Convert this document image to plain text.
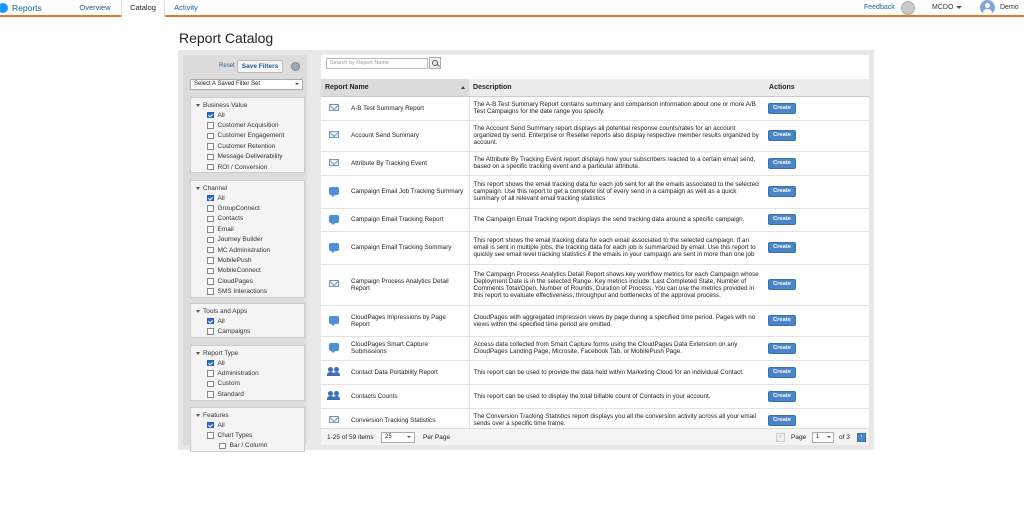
Reports	Overview	Catalog	Activity	Feedback	MCDO	Demo
Report Catalog
Reset	Save Filters
Select A Saved Filter Set
Business Value
All
Customer Acquisition
Customer Engagement
Customer Retention
Message Deliverability
ROI / Conversion
Channel
All
GroupConnect
Contacts
Email
Journey Builder
MC Administration
MobilePush
MobileConnect
CloudPages
SMS Interactions
Tools and Apps
All
Campaigns
Report Type
All
Administration
Custom
Standard
Features
All
Chart Types
Bar / Column
Search by Report Name
Report Name		Description	Actions
	A-B Test Summary Report	The A-B Test Summary Report contains summary and comparison information about one or more A/B Test Campaigns for the date range you specify.	Create
	Account Send Summary	The Account Send Summary report displays all potential response counts/rates for an account organized by send. Enterprise or Reseller reports also display respective member results organized by account.	Create
	Attribute By Tracking Event	The Attribute By Tracking Event report displays how your subscribers reacted to a certain email send, based on a specific tracking event and a particular attribute.	Create
	Campaign Email Job Tracking Summary	This report shows the email tracking data for each job sent for all the emails associated to the selected campaign. Use this report to get a complete list of every send in a campaign as well as a quick summary of all relevant email tracking statistics	Create
	Campaign Email Tracking Report	The Campaign Email Tracking report displays the send tracking data around a specific campaign.	Create
	Campaign Email Tracking Summary	This report shows the email tracking data for each email associated to the selected campaign. If an email is sent in multiple jobs, the tracking data for each job is summarized by email. Use this report to quickly see email level tracking statistics if the emails in your campaign are sent in more than one job	Create
	Campaign Process Analytics Detail Report	The Campaign Process Analytics Detail Report shows key workflow metrics for each Campaign whose Deployment Date is in the selected Range. Key metrics include: Last Completed State, Number of Comments Total/Open, Number of Rounds, Duration of Process. You can use the metrics provided in this report to evaluate effectiveness, throughput and bottlenecks of the approval process.	Create
	CloudPages Impressions by Page Report	CloudPages with aggregated impression views by page during a specified time period. Pages with no views within the specified time period are omitted.	Create
	CloudPages Smart Capture Submissions	Access data collected from Smart Capture forms using the CloudPages Data Extension on any CloudPages Landing Page, Microsite, Facebook Tab, or MobilePush Page.	Create
	Contact Data Portability Report	This report can be used to provide the data held within Marketing Cloud for an individual Contact.	Create
	Contacts Counts	This report can be used to display the total billable count of Contacts in your account.	Create
	Conversion Tracking Statistics	The Conversion Tracking Statistics report displays you all the conversion activity across all your email sends over a specific time frame.	Create
1-25 of 59 items	25	Per Page	‹	Page	1	of 3	›
